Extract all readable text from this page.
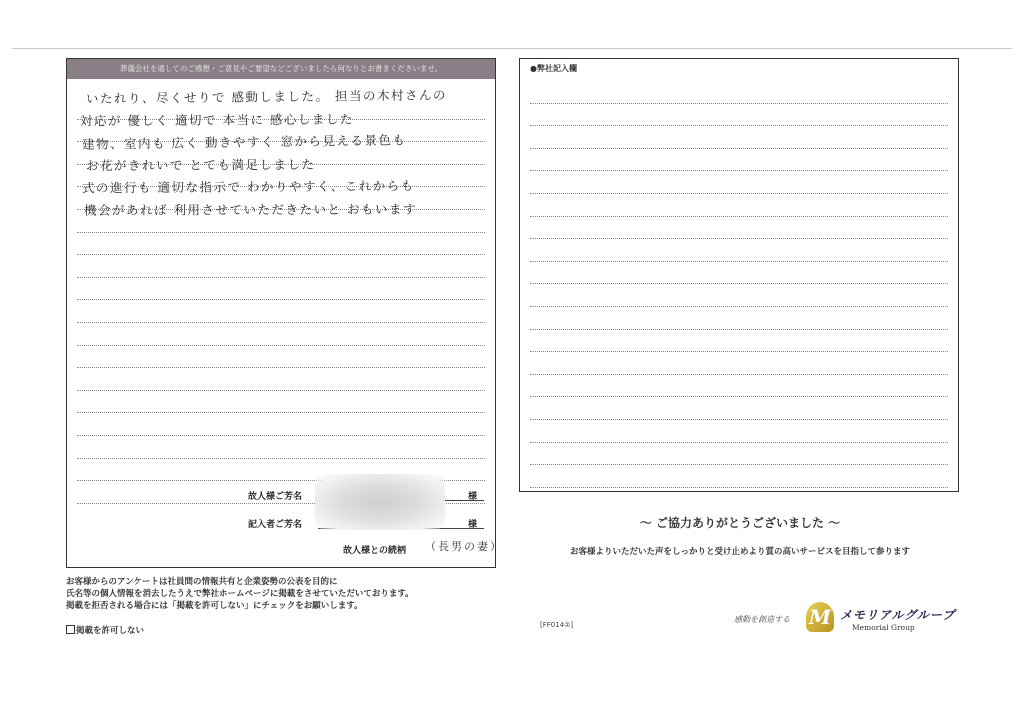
葬儀会社を通してのご感想・ご意見やご要望などございましたら何なりとお書きくださいませ。
いたれり、尽くせりで 感動しました。 担当の木村さんの
対応が 優しく 適切で 本当に 感心しました
建物、室内も 広く 動きやすく 窓から見える景色も
お花がきれいで とても満足しました
式の進行も 適切な指示で わかりやすく、これからも
機会があれば 利用させていただきたいと おもいます
故人様ご芳名	様
記入者ご芳名	様
故人様との続柄 （長男の妻）
●弊社記入欄
～ ご協力ありがとうございました ～
お客様よりいただいた声をしっかりと受け止めより質の高いサービスを目指して参ります
お客様からのアンケートは社員間の情報共有と企業姿勢の公表を目的に
氏名等の個人情報を消去したうえで弊社ホームページに掲載をさせていただいております。
掲載を拒否される場合には「掲載を許可しない」にチェックをお願いします。
掲載を許可しない
[FF014②]
感動を創造する M メモリアルグループ
Memorial Group
